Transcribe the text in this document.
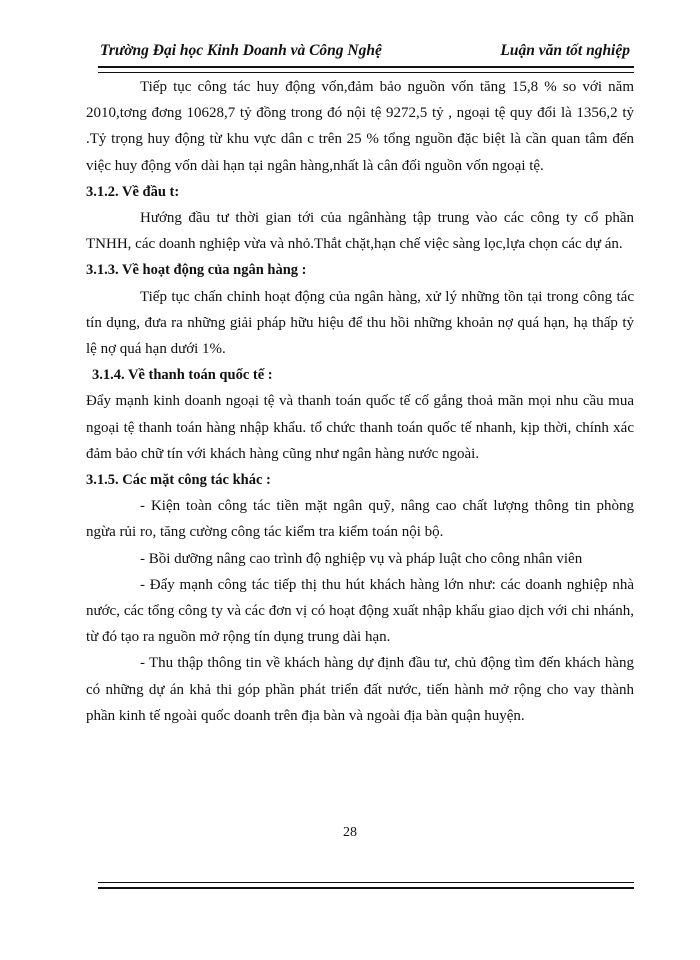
Trường Đại học Kinh Doanh và Công Nghệ	Luận văn tốt nghiệp

Tiếp tục công tác huy động vốn,đảm bảo nguồn vốn tăng 15,8 % so với năm 2010,tơng đơng 10628,7 tỷ đồng trong đó nội tệ 9272,5 tỷ , ngoại tệ quy đổi là 1356,2 tỷ .Tỷ trọng huy động từ khu vực dân c trên 25 % tổng nguồn đặc biệt là cần quan tâm đến việc huy động vốn dài hạn tại ngân hàng,nhất là cân đối nguồn vốn ngoại tệ.

3.1.2. Về đầu t:

Hướng đầu tư thời gian tới của ngânhàng tập trung vào các công ty cổ phần TNHH, các doanh nghiệp vừa và nhỏ.Thắt chặt,hạn chế việc sàng lọc,lựa chọn các dự án.

3.1.3. Về hoạt động của ngân hàng :

Tiếp tục chấn chỉnh hoạt động của ngân hàng, xử lý những tồn tại trong công tác tín dụng, đưa ra những giải pháp hữu hiệu để thu hồi những khoản nợ quá hạn, hạ thấp tỷ lệ nợ quá hạn dưới 1%.

3.1.4. Về thanh toán quốc tế :

Đẩy mạnh kinh doanh ngoại tệ và thanh toán quốc tế cố gắng thoả mãn mọi nhu cầu mua ngoại tệ thanh toán hàng nhập khẩu. tổ chức thanh toán quốc tế nhanh, kịp thời, chính xác đảm bảo chữ tín với khách hàng cũng như ngân hàng nước ngoài.

3.1.5. Các mặt công tác khác :

- Kiện toàn công tác tiền mặt ngân quỹ, nâng cao chất lượng thông tin phòng ngừa rủi ro, tăng cường công tác kiểm tra kiểm toán nội bộ.

- Bồi dưỡng nâng cao trình độ nghiệp vụ và pháp luật cho công nhân viên

- Đẩy mạnh công tác tiếp thị thu hút khách hàng lớn như: các doanh nghiệp nhà nước, các tổng công ty và các đơn vị có hoạt động xuất nhập khẩu giao dịch với chi nhánh, từ đó tạo ra nguồn mở rộng tín dụng trung dài hạn.

- Thu thập thông tin về khách hàng dự định đầu tư, chủ động tìm đến khách hàng có những dự án khả thi góp phần phát triển đất nước, tiến hành mở rộng cho vay thành phần kinh tế ngoài quốc doanh trên địa bàn và ngoài địa bàn quận huyện.

28
